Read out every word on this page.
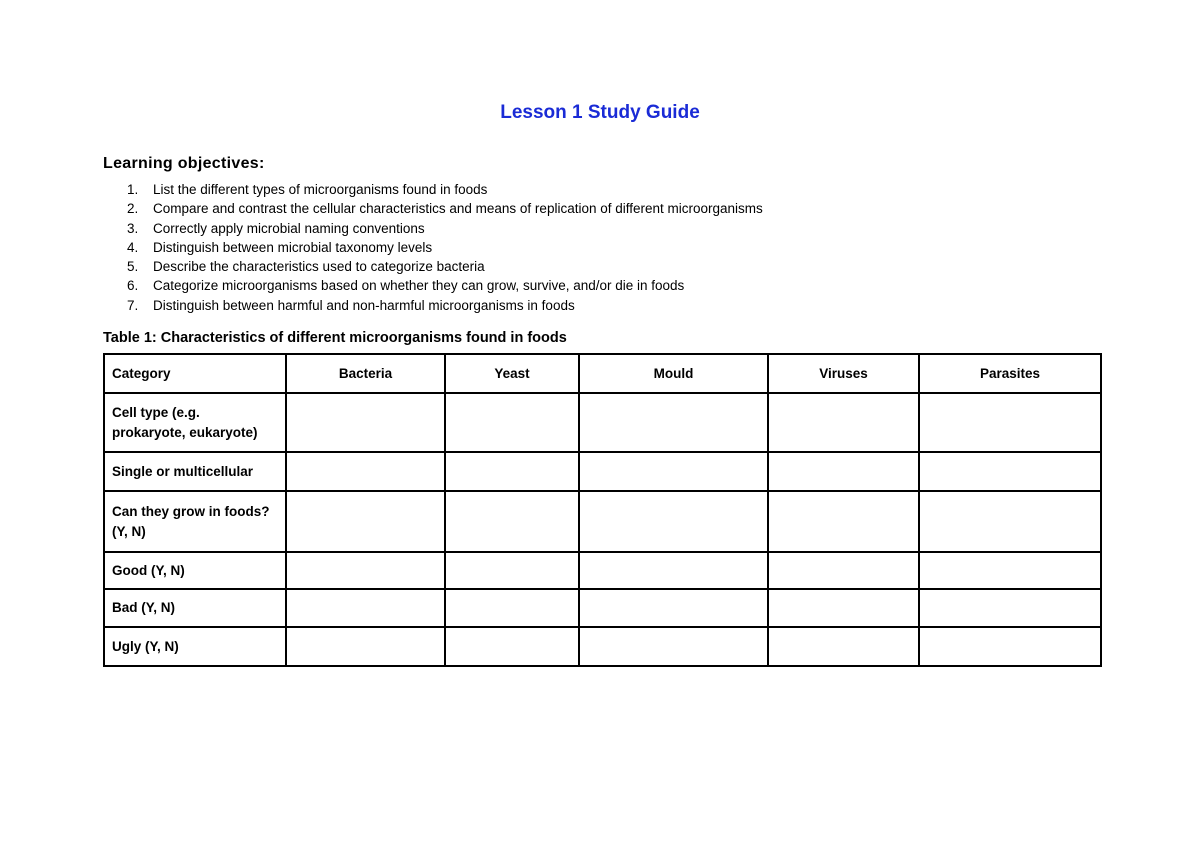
Lesson 1 Study Guide
Learning objectives:
1. List the different types of microorganisms found in foods
2. Compare and contrast the cellular characteristics and means of replication of different microorganisms
3. Correctly apply microbial naming conventions
4. Distinguish between microbial taxonomy levels
5. Describe the characteristics used to categorize bacteria
6. Categorize microorganisms based on whether they can grow, survive, and/or die in foods
7. Distinguish between harmful and non-harmful microorganisms in foods
Table 1: Characteristics of different microorganisms found in foods
Category	Bacteria	Yeast	Mould	Viruses	Parasites

Cell type (e.g.
prokaryote, eukaryote)					

Single or multicellular					

Can they grow in foods?
(Y, N)					

Good (Y, N)					

Bad (Y, N)					

Ugly (Y, N)					
